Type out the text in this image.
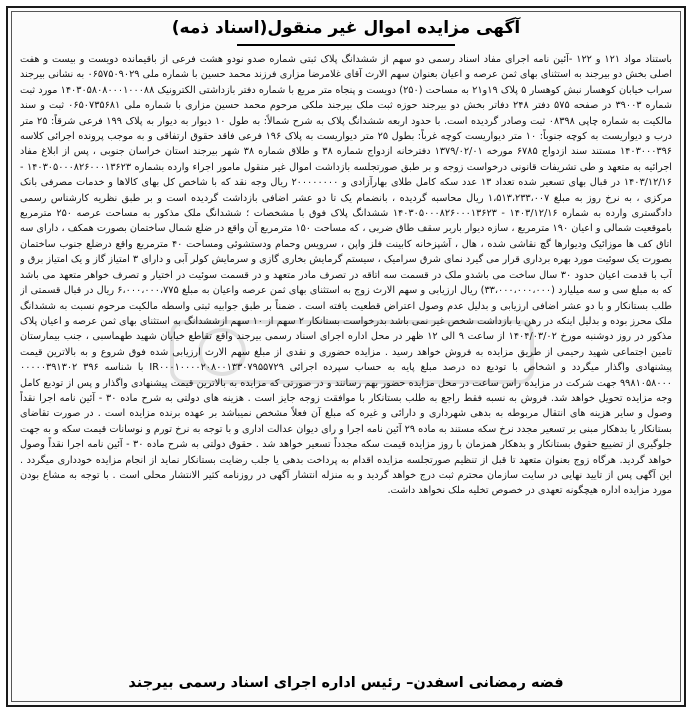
آگهی مزایده اموال غیر منقول(اسناد ذمه)
باستناد مواد ۱۲۱ و ۱۲۲ -آئین نامه اجرای مفاد اسناد رسمی دو سهم از ششدانگ پلاک ثبتی شماره صدو نودو هشت فرعی از باقیمانده دویست و بیست و هفت اصلی بخش دو بیرجند به استثنای بهای ثمن عرصه و اعیان بعنوان سهم الارث آقای غلامرضا مزاری فرزند محمد حسین با شماره ملی ۰۶۵۷۵۰۹۰۲۹ به نشانی بیرجند سراب خیابان کوهسار نبش کوهسار ۵ پلاک ۱۹و۲۱ به مساحت (۲۵۰) دویست و پنجاه متر مربع با شماره دفتر بازداشتی الکترونیک ۱۴۰۳۰۵۸۰۸۰۰۰۱۰۰۰۸۸ مورد ثبت شماره ۳۹۰۰۳ در صفحه ۵۷۵ دفتر ۲۴۸ دفاتر بخش دو بیرجند حوزه ثبت ملک بیرجند ملکی مرحوم محمد حسین مزاری با شماره ملی ۰۶۵۰۷۳۵۶۸۱ ثبت و سند مالکیت به شماره چاپی ۰۸۳۹۸ ثبت وصادر گردیده است. با حدود اربعه ششدانگ پلاک به شرح شمالاً: به طول ۱۰ دیوار به دیوار به پلاک ۱۹۹ فرعی شرقاً: ۲۵ متر درب و دیواریست به کوچه جنوباً: ۱۰ متر دیواریست کوچه غرباً: بطول ۲۵ متر دیواریست به پلاک ۱۹۶ فرعی فاقد حقوق ارتفاقی و به موجب پرونده اجرائی کلاسه ۱۴۰۳۰۰۰۳۹۶ مستند سند ازدواج ۶۷۸۵ مورخه ۱۳۷۹/۰۲/۰۱ دفترخانه ازدواج شماره ۳۸ و طلاق شماره ۳۸ شهر بیرجند استان خراسان جنوبی ، پس از ابلاغ مفاد اجرائیه به متعهد و طی تشریفات قانونی درخواست زوجه و بر طبق صورتجلسه بازداشت اموال غیر منقول مامور اجراء وارده بشماره ۱۴۰۳۰۵۰۰۰۸۲۶۰۰۰۱۳۶۲۳ - ۱۴۰۳/۱۲/۱۶ در قبال بهای تسعیر شده تعداد ۱۳ عدد سکه کامل طلای بهارآزادی و ۲۰۰۰۰۰۰۰۰ ریال وجه نقد که با شاخص کل بهای کالاها و خدمات مصرفی بانک مرکزی ، به نرخ روز به مبلغ ۱،۵۱۳،۲۳۳،۰۰۷ ریال محاسبه گردیده ، بانضمام یک تا دو عشر اضافی بازداشت گردیده است و بر طبق نظریه کارشناس رسمی دادگستری وارده به شماره ۱۴۰۳/۱۲/۱۶ - ۱۴۰۳۰۵۰۰۰۸۲۶۰۰۰۱۳۶۲۳ ششدانگ پلاک فوق با مشخصات ؛ ششدانگ ملک مذکور به مساحت عرصه ۲۵۰ مترمربع باموقعیت شمالی و اعیان ۱۹۰ مترمربع ، سازه دیوار باربر سقف طاق ضربی ، که مساحت ۱۵۰ مترمربع آن واقع در ضلع شمال ساختمان بصورت همکف ، دارای سه اتاق کف ها موزائیک ودیوارها گچ نقاشی شده ، هال ، آشپزخانه کابینت فلز واپن ، سرویس وحمام ودستشوئی ومساحت ۴۰ مترمربع واقع درضلع جنوب ساختمان بصورت یک سوئیت مورد بهره برداری قرار می گیرد نمای شرق سرامیک ، سیستم گرمایش بخاری گازی و سرمایش کولر آبی و دارای ۳ امتیاز گاز و یک امتیاز برق و آب با قدمت اعیان حدود ۳۰ سال ساخت می باشدو ملک در قسمت سه اتاقه در تصرف مادر متعهد و در قسمت سوئیت در اختیار و تصرف خواهر متعهد می باشد که به مبلغ سی و سه میلیارد (۳۳،۰۰۰،۰۰۰،۰۰۰) ریال ارزیابی و سهم الارث زوج به استثنای بهای ثمن عرصه واعیان به مبلغ ۶،۰۰۰،۰۰۰،۷۷۵ ریال در قبال قسمتی از طلب بستانکار و با دو عشر اضافی ارزیابی و بدلیل عدم وصول اعتراض قطعیت یافته است . ضمناً بر طبق جوابیه ثبتی واسطه مالکیت مرحوم نسبت به ششدانگ ملک محرز بوده و بدلیل اینکه در رهن یا بازداشت شخص غیر نمی باشد بدرخواست بستانکار ۲ سهم از ۱۰ سهم ازششدانگ به استثنای بهای ثمن عرصه و اعیان پلاک مذکور در روز دوشنبه مورخ ۱۴۰۴/۰۳/۰۲ از ساعت ۹ الی ۱۲ ظهر در محل اداره اجرای اسناد رسمی بیرجند واقع تقاطع خیابان شهید طهماسبی ، جنب بیمارستان تامین اجتماعی شهید رحیمی از طریق مزایده به فروش خواهد رسید . مزایده حضوری و نقدی از مبلغ سهم الارث ارزیابی شده فوق شروع و به بالاترین قیمت پیشنهادی واگذار میگردد و اشخاص با تودیع ده درصد مبلغ پایه به حساب سپرده اجرائی IR۰۰۰۱۰۰۰۰۲۰۸۰۰۱۳۳۰۷۹۵۵۷۲۹ با شناسه ۳۹۶ ۰۰۰۰۰۳۹۱۳۰۲ ۹۹۸۱۰۵۸۰۰۰ جهت شرکت در مزایده راس ساعت در محل مزایده حضور بهم رسانند و در صورتی که مزایده به بالاترین قیمت پیشنهادی واگذار و پس از تودیع کامل وجه مزایده تحویل خواهد شد. فروش به نسبه فقط راجع به طلب بستانکار با موافقت زوجه جایز است . هزینه های دولتی به شرح ماده ۳۰ - آئین نامه اجرا نقداً وصول و سایر هزینه های انتقال مربوطه به بدهی شهرداری و دارائی و غیره که مبلغ آن فعلاً مشخص نمیباشد بر عهده برنده مزایده است . در صورت تقاضای بستانکار یا بدهکار مبنی بر تسعیر مجدد نرخ سکه مستند به ماده ۲۹ آئین نامه اجرا و رای دیوان عدالت اداری و با توجه به نرخ تورم و نوسانات قیمت سکه و به جهت جلوگیری از تضییع حقوق بستانکار و بدهکار همزمان با روز مزایده قیمت سکه مجدداً تسعیر خواهد شد . حقوق دولتی به شرح ماده ۳۰ - آئین نامه اجرا نقداً وصول خواهد گردید. هرگاه زوج بعنوان متعهد تا قبل از تنظیم صورتجلسه مزایده اقدام به پرداخت بدهی یا جلب رضایت بستانکار نماید از انجام مزایده خودداری میگردد . این آگهی پس از تایید نهایی در سایت سازمان محترم ثبت درج خواهد گردید و به منزله انتشار آگهی در روزنامه کثیر الانتشار محلی است . با توجه به مشاع بودن مورد مزایده اداره هیچگونه تعهدی در خصوص تخلیه ملک نخواهد داشت.
فضه رمضانی اسفدن– رئیس اداره اجرای اسناد رسمی بیرجند
